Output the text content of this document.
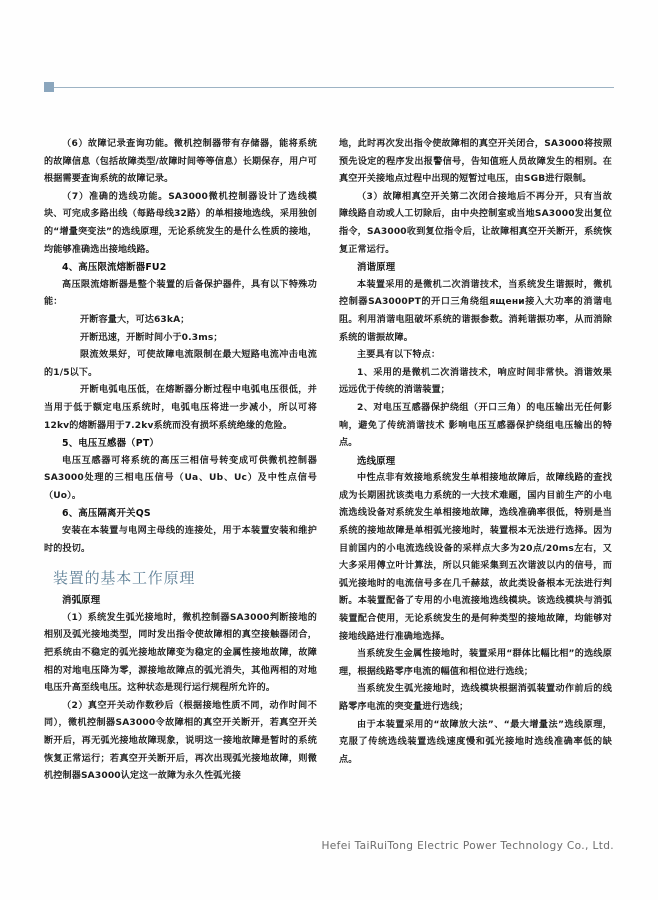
（6）故障记录查询功能。微机控制器带有存储器，能将系统的故障信息（包括故障类型/故障时间等等信息）长期保存，用户可根据需要查询系统的故障记录。
（7）准确的选线功能。SA3000微机控制器设计了选线模块、可完成多路出线（每路母线32路）的单相接地选线，采用独创的“增量突变法”的选线原理，无论系统发生的是什么性质的接地，均能够准确选出接地线路。
4、高压限流熔断器FU2
高压限流熔断器是整个装置的后备保护器件，具有以下特殊功能：
开断容量大，可达63kA；
开断迅速，开断时间小于0.3ms；
限流效果好，可使故障电流限制在最大短路电流冲击电流的1/5以下。
开断电弧电压低，在熔断器分断过程中电弧电压很低，并当用于低于额定电压系统时，电弧电压将进一步减小，所以可将12kv的熔断器用于7.2kv系统而没有损坏系统绝缘的危险。
5、电压互感器（PT）
电压互感器可将系统的高压三相信号转变成可供微机控制器SA3000处理的三相电压信号（Ua、Ub、Uc）及中性点信号（Uo）。
6、高压隔离开关QS
安装在本装置与电网主母线的连接处，用于本装置安装和维护时的投切。
装置的基本工作原理
消弧原理
（1）系统发生弧光接地时，微机控制器SA3000判断接地的相别及弧光接地类型，同时发出指令使故障相的真空接触器闭合，把系统由不稳定的弧光接地故障变为稳定的金属性接地故障，故障相的对地电压降为零，源接地故障点的弧光消失，其他两相的对地电压升高至线电压。这种状态是现行运行规程所允许的。
（2）真空开关动作数秒后（根据接地性质不同，动作时间不同），微机控制器SA3000令故障相的真空开关断开，若真空开关断开后，再无弧光接地故障现象，说明这一接地故障是暂时的系统恢复正常运行；若真空开关断开后，再次出现弧光接地故障，则微机控制器SA3000认定这一故障为永久性弧光接
地，此时再次发出指令使故障相的真空开关闭合，SA3000将按照预先设定的程序发出报警信号，告知值班人员故障发生的相别。在真空开关接地点过程中出现的短暂过电压，由SGB进行限制。
（3）故障相真空开关第二次闭合接地后不再分开，只有当故障线路自动或人工切除后，由中央控制室或当地SA3000发出复位指令，SA3000收到复位指令后，让故障相真空开关断开，系统恢复正常运行。
消谐原理
本装置采用的是微机二次消谐技术，当系统发生谐振时，微机控制器SA3000PT的开口三角绕组ящени接入大功率的消谐电阻。利用消谐电阻破坏系统的谐振参数。消耗谐振功率，从而消除系统的谐振故障。
主要具有以下特点：
1、采用的是微机二次消谐技术，响应时间非常快。消谐效果远远优于传统的消谐装置；
2、对电压互感器保护绕组（开口三角）的电压输出无任何影响，避免了传统消谐技术 影响电压互感器保护绕组电压输出的特点。
选线原理
中性点非有效接地系统发生单相接地故障后，故障线路的查找成为长期困扰该类电力系统的一大技术难题，国内目前生产的小电流选线设备对系统发生单相接地故障，选线准确率很低，特别是当系统的接地故障是单相弧光接地时，装置根本无法进行选择。因为目前国内的小电流选线设备的采样点大多为20点/20ms左右，又大多采用傅立叶计算法，所以只能采集到五次谐波以内的信号，而弧光接地时的电流信号多在几千赫兹，故此类设备根本无法进行判断。本装置配备了专用的小电流接地选线模块。该选线模块与消弧装置配合使用，无论系统发生的是何种类型的接地故障，均能够对接地线路进行准确地选择。
当系统发生金属性接地时，装置采用“群体比幅比相”的选线原理，根据线路零序电流的幅值和相位进行选线；
当系统发生弧光接地时，选线模块根据消弧装置动作前后的线路零序电流的突变量进行选线；
由于本装置采用的“故障放大法”、“最大增量法”选线原理，克服了传统选线装置选线速度慢和弧光接地时选线准确率低的缺点。
Hefei TaiRuiTong Electric Power Technology Co., Ltd.
